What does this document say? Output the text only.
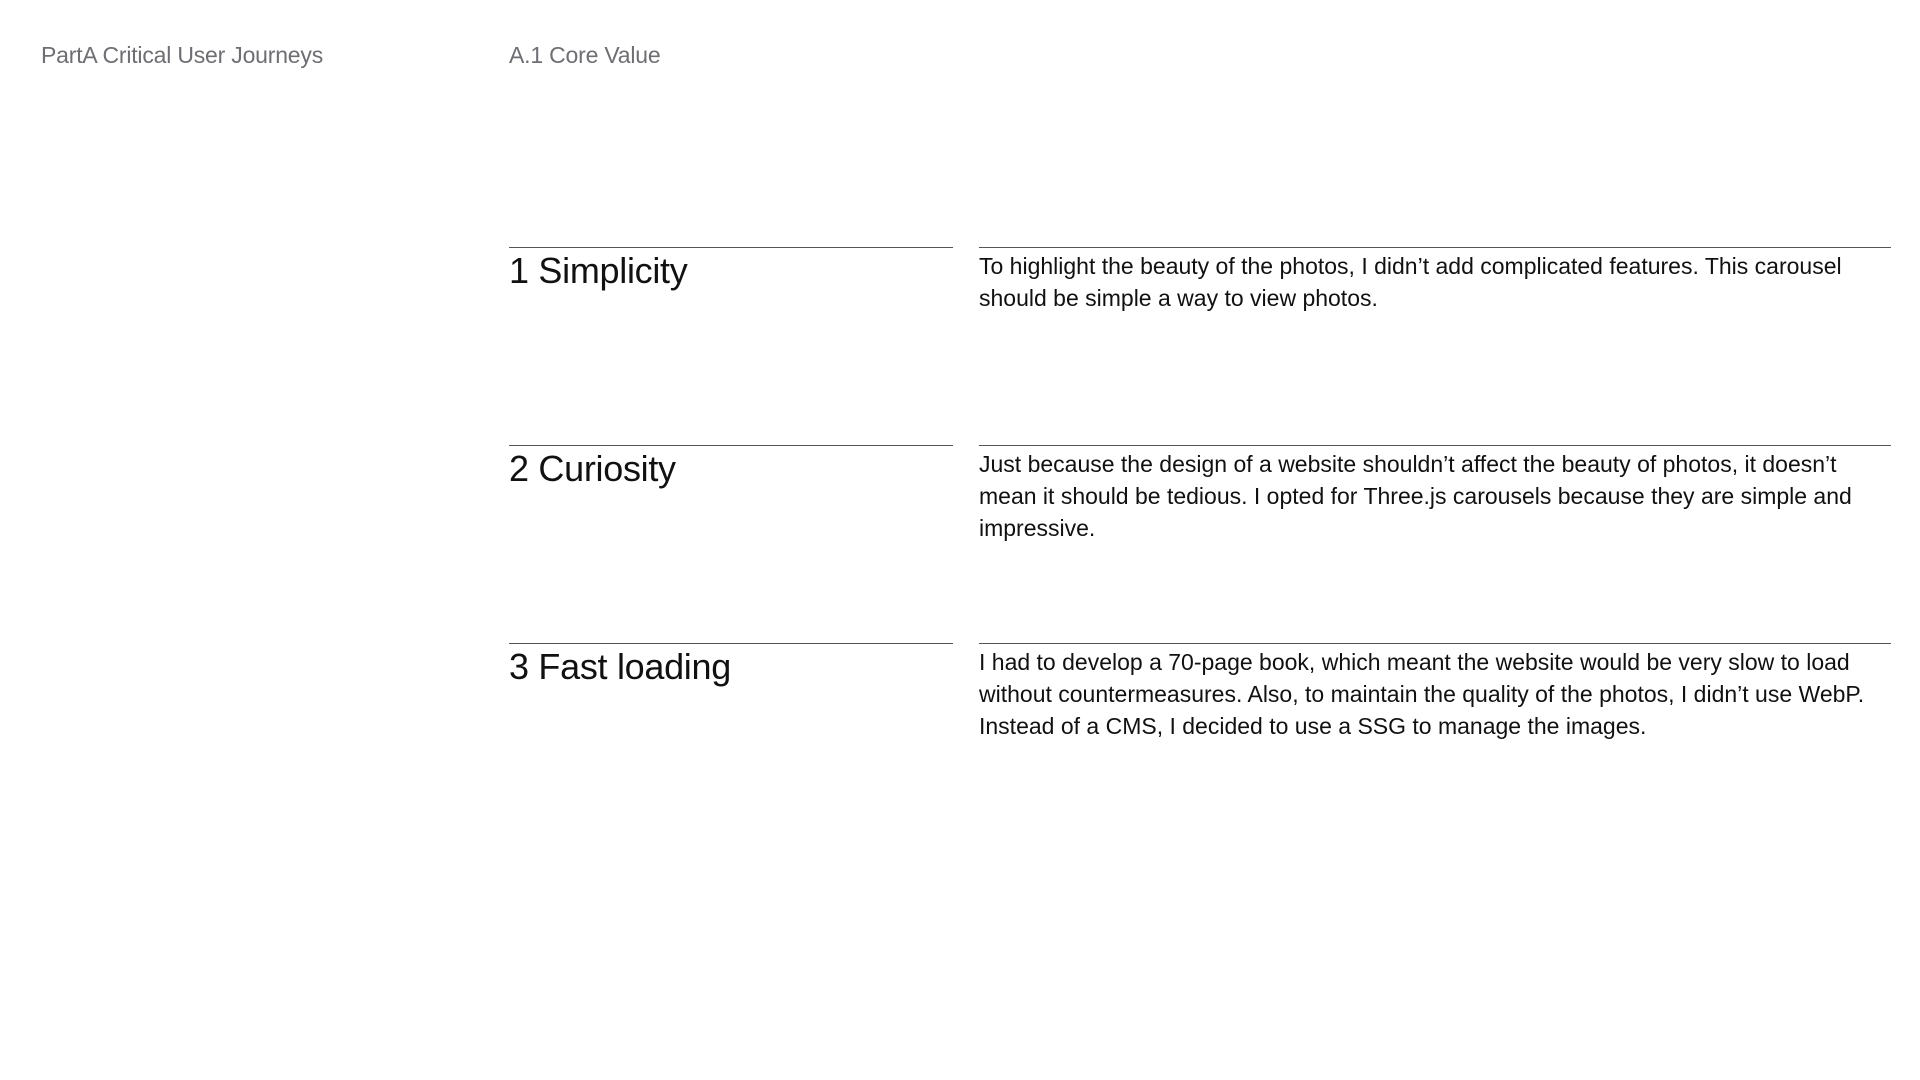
PartA Critical User Journeys	A.1 Core Value
1 Simplicity	To highlight the beauty of the photos, I didn’t add complicated features. This carousel should be simple a way to view photos.
2 Curiosity	Just because the design of a website shouldn’t affect the beauty of photos, it doesn’t mean it should be tedious. I opted for Three.js carousels because they are simple and impressive.
3 Fast loading	I had to develop a 70-page book, which meant the website would be very slow to load without countermeasures. Also, to maintain the quality of the photos, I didn’t use WebP. Instead of a CMS, I decided to use a SSG to manage the images.
